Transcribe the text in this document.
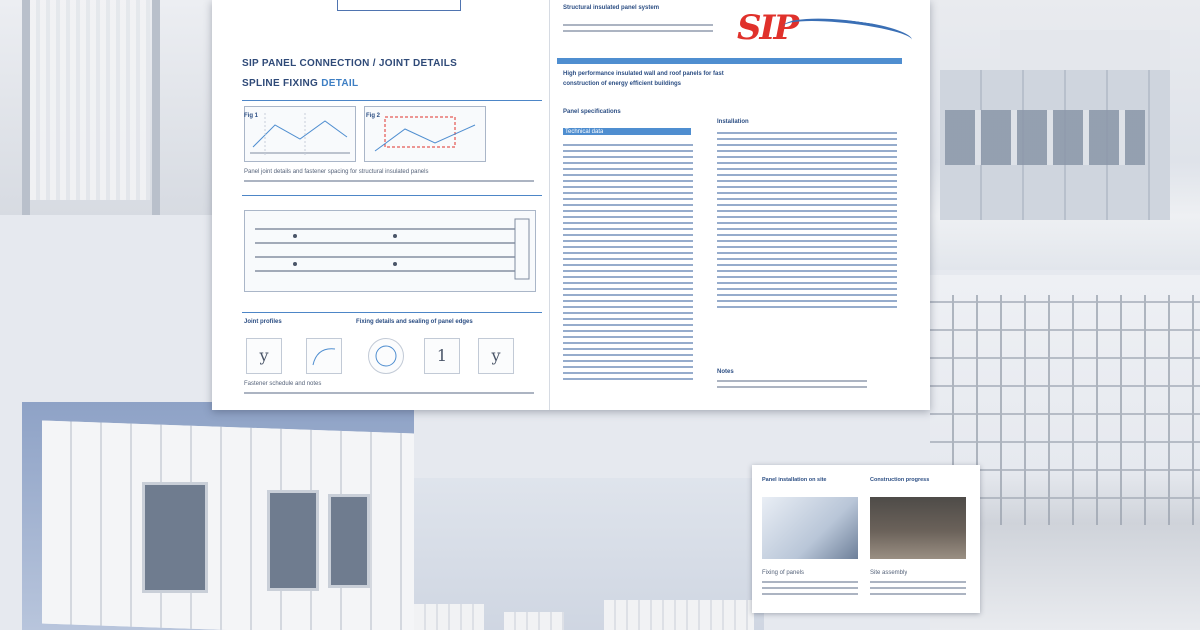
SIP PANEL CONNECTION / JOINT DETAILS
SPLINE FIXING DETAIL
Fig 1	Fig 2
Panel joint details and fastener spacing for structural insulated panels
Joint profiles	Fixing details and sealing of panel edges
y	1	y
Fastener schedule and notes
SIP
Structural insulated panel system
High performance insulated wall and roof panels for fast
construction of energy efficient buildings
Panel specifications
Technical data
Installation
Notes
Panel installation on site	Construction progress
Fixing of panels	Site assembly
